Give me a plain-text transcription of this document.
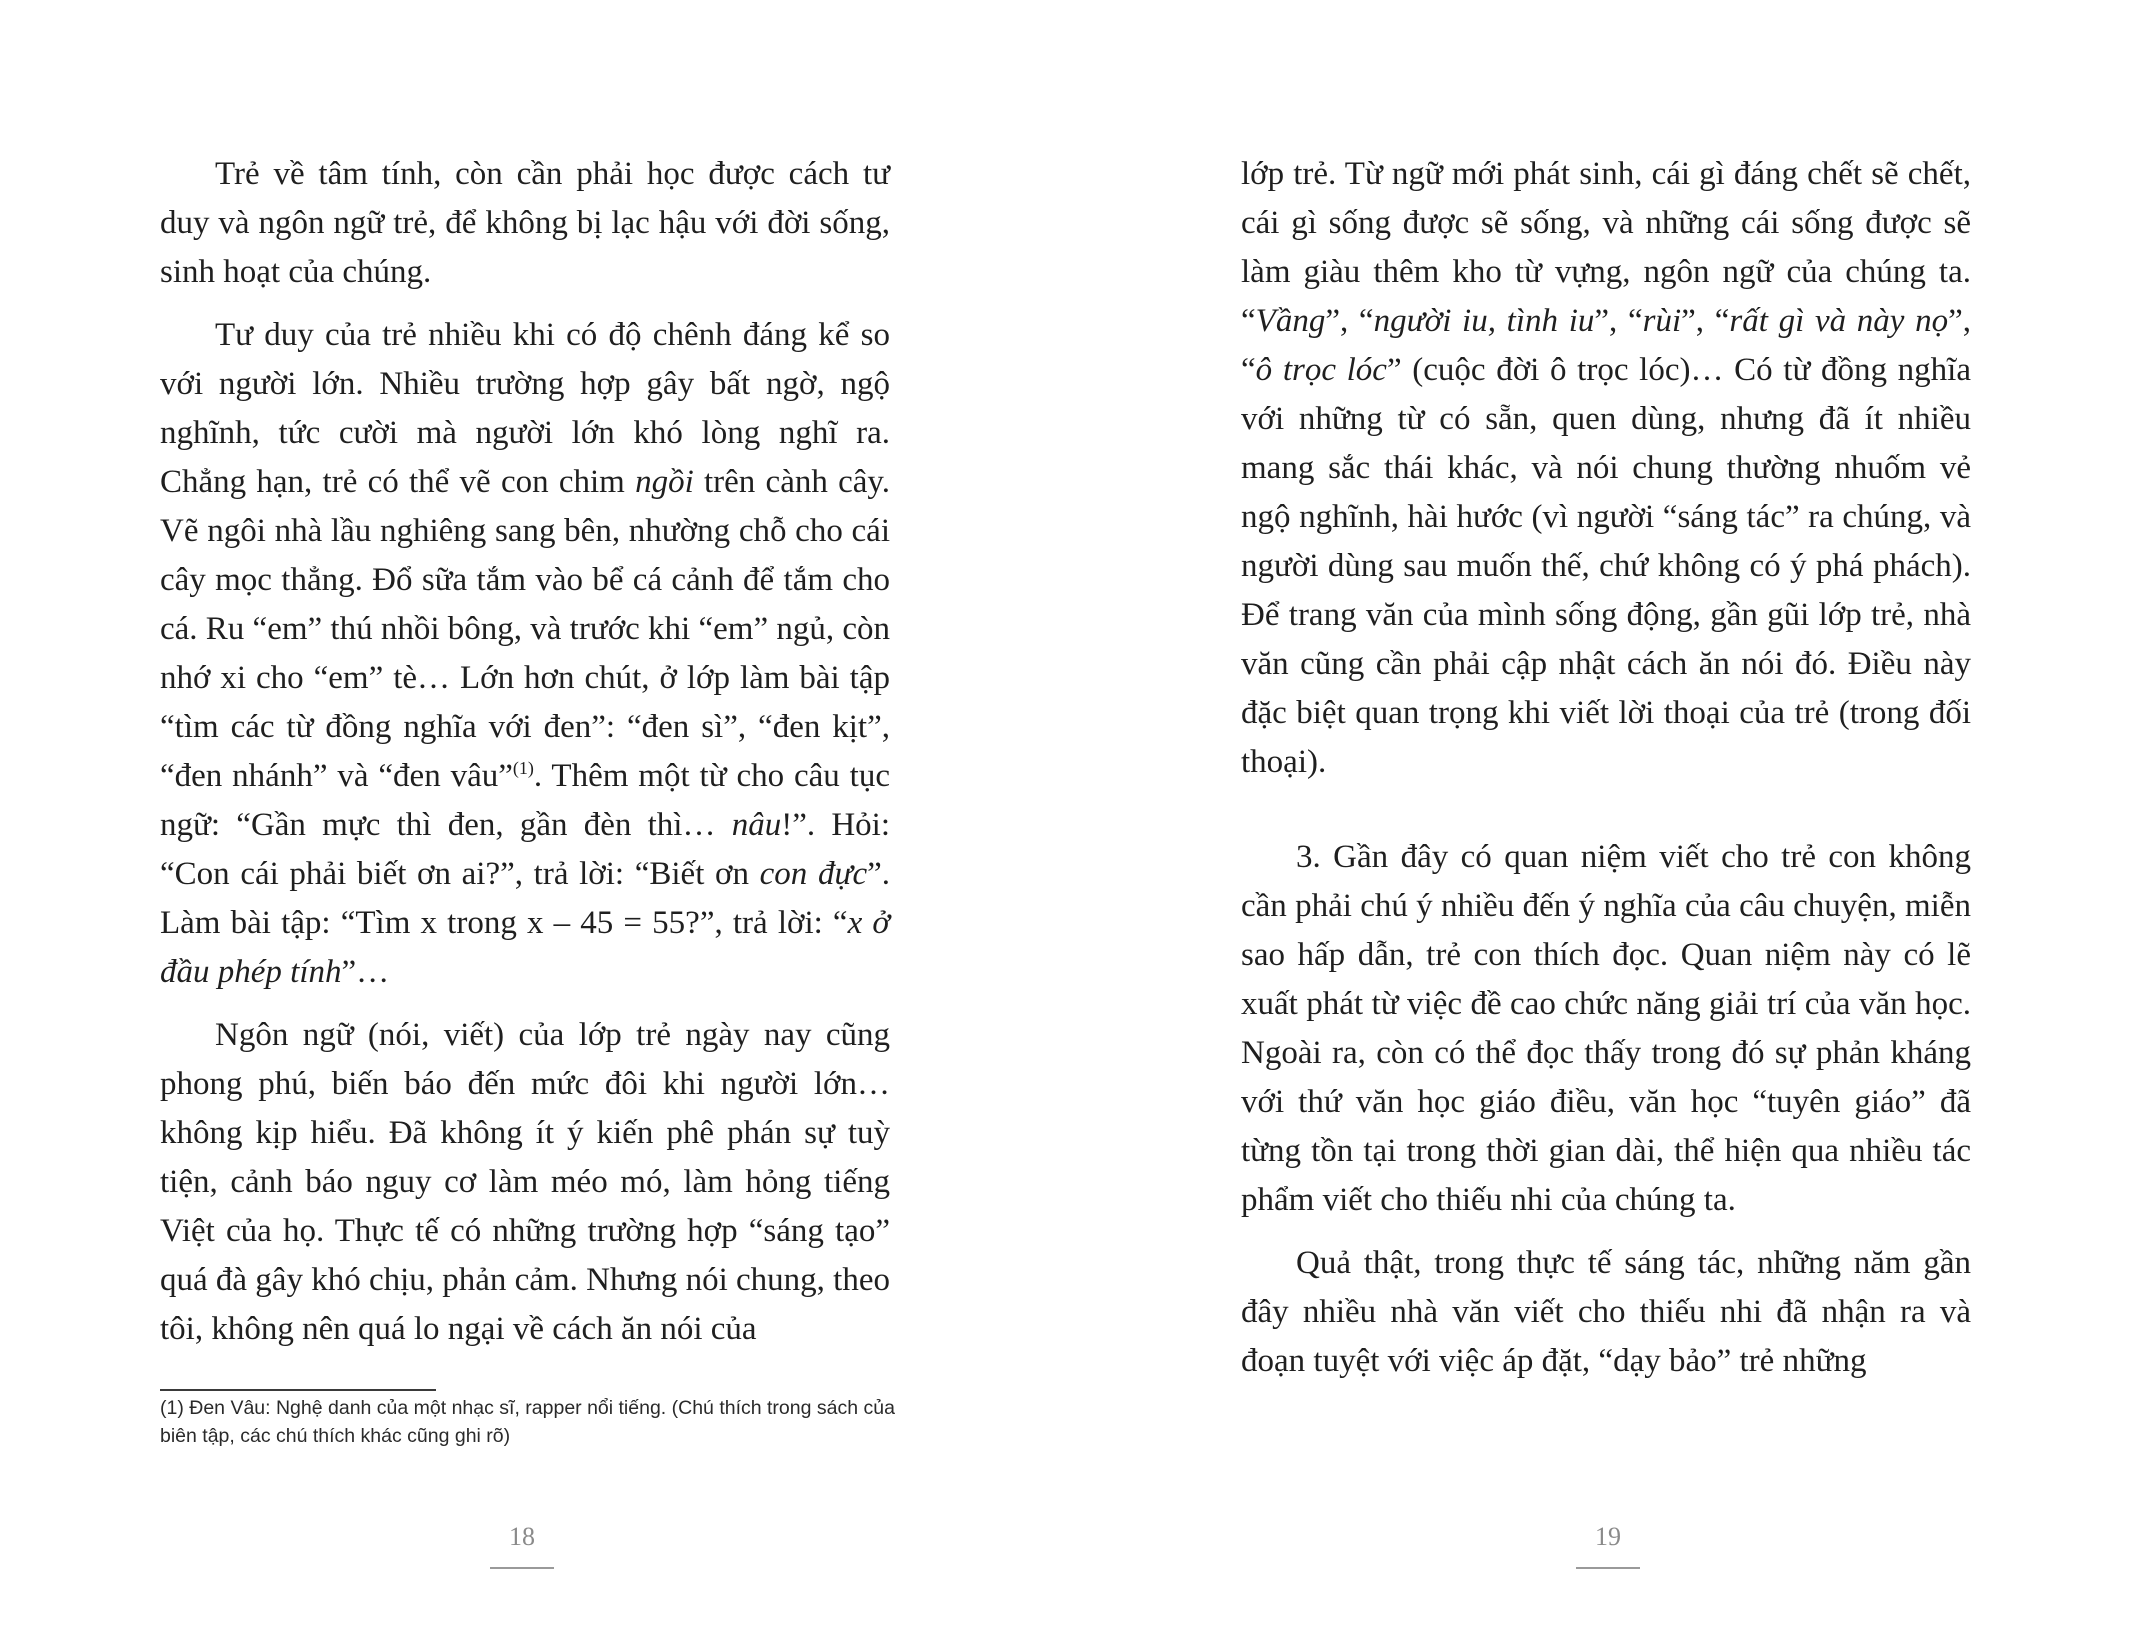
Trẻ về tâm tính, còn cần phải học được cách tư duy và ngôn ngữ trẻ, để không bị lạc hậu với đời sống, sinh hoạt của chúng.

Tư duy của trẻ nhiều khi có độ chênh đáng kể so với người lớn. Nhiều trường hợp gây bất ngờ, ngộ nghĩnh, tức cười mà người lớn khó lòng nghĩ ra. Chẳng hạn, trẻ có thể vẽ con chim ngồi trên cành cây. Vẽ ngôi nhà lầu nghiêng sang bên, nhường chỗ cho cái cây mọc thẳng. Đổ sữa tắm vào bể cá cảnh để tắm cho cá. Ru “em” thú nhồi bông, và trước khi “em” ngủ, còn nhớ xi cho “em” tè… Lớn hơn chút, ở lớp làm bài tập “tìm các từ đồng nghĩa với đen”: “đen sì”, “đen kịt”, “đen nhánh” và “đen vâu”$^{(1)}$. Thêm một từ cho câu tục ngữ: “Gần mực thì đen, gần đèn thì… nâu!”. Hỏi: “Con cái phải biết ơn ai?”, trả lời: “Biết ơn con đực”. Làm bài tập: “Tìm x trong x – 45 = 55?”, trả lời: “x ở đầu phép tính”…

Ngôn ngữ (nói, viết) của lớp trẻ ngày nay cũng phong phú, biến báo đến mức đôi khi người lớn… không kịp hiểu. Đã không ít ý kiến phê phán sự tuỳ tiện, cảnh báo nguy cơ làm méo mó, làm hỏng tiếng Việt của họ. Thực tế có những trường hợp “sáng tạo” quá đà gây khó chịu, phản cảm. Nhưng nói chung, theo tôi, không nên quá lo ngại về cách ăn nói của

(1) Đen Vâu: Nghệ danh của một nhạc sĩ, rapper nổi tiếng. (Chú thích trong sách của biên tập, các chú thích khác cũng ghi rõ)
18

lớp trẻ. Từ ngữ mới phát sinh, cái gì đáng chết sẽ chết, cái gì sống được sẽ sống, và những cái sống được sẽ làm giàu thêm kho từ vựng, ngôn ngữ của chúng ta. “Vầng”, “người iu, tình iu”, “rùi”, “rất gì và này nọ”, “ô trọc lóc” (cuộc đời ô trọc lóc)… Có từ đồng nghĩa với những từ có sẵn, quen dùng, nhưng đã ít nhiều mang sắc thái khác, và nói chung thường nhuốm vẻ ngộ nghĩnh, hài hước (vì người “sáng tác” ra chúng, và người dùng sau muốn thế, chứ không có ý phá phách). Để trang văn của mình sống động, gần gũi lớp trẻ, nhà văn cũng cần phải cập nhật cách ăn nói đó. Điều này đặc biệt quan trọng khi viết lời thoại của trẻ (trong đối thoại).

3. Gần đây có quan niệm viết cho trẻ con không cần phải chú ý nhiều đến ý nghĩa của câu chuyện, miễn sao hấp dẫn, trẻ con thích đọc. Quan niệm này có lẽ xuất phát từ việc đề cao chức năng giải trí của văn học. Ngoài ra, còn có thể đọc thấy trong đó sự phản kháng với thứ văn học giáo điều, văn học “tuyên giáo” đã từng tồn tại trong thời gian dài, thể hiện qua nhiều tác phẩm viết cho thiếu nhi của chúng ta.

Quả thật, trong thực tế sáng tác, những năm gần đây nhiều nhà văn viết cho thiếu nhi đã nhận ra và đoạn tuyệt với việc áp đặt, “dạy bảo” trẻ những

19
